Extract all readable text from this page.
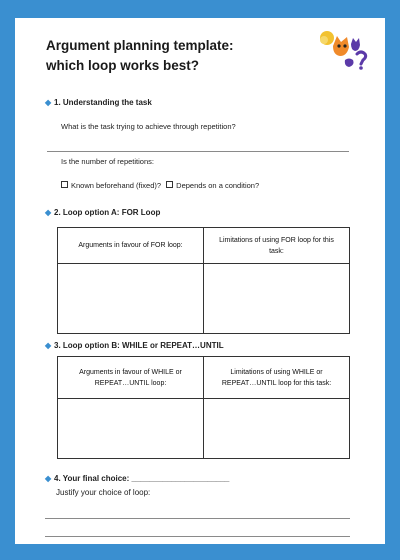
Argument planning template:
which loop works best?
◆ 1. Understanding the task
What is the task trying to achieve through repetition?
Is the number of repetitions:
Known beforehand (fixed)? Depends on a condition?
◆ 2. Loop option A: FOR Loop
Arguments in favour of FOR loop:	Limitations of using FOR loop for this task:

◆ 3. Loop option B: WHILE or REPEAT…UNTIL
Arguments in favour of WHILE or REPEAT…UNTIL loop:	Limitations of using WHILE or REPEAT…UNTIL loop for this task:

◆ 4. Your final choice: ______________________
Justify your choice of loop:
